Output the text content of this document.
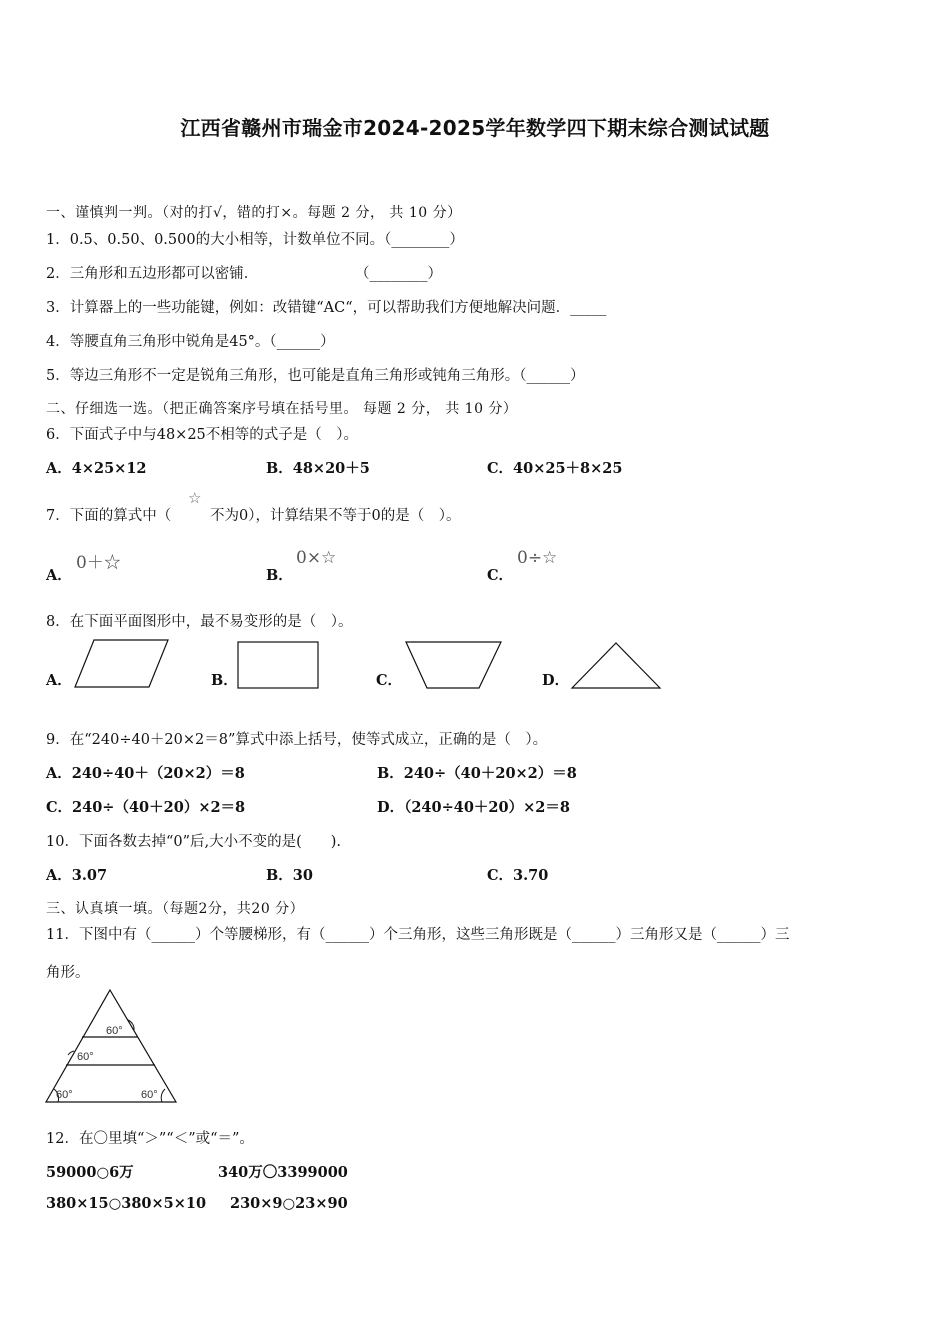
江西省赣州市瑞金市2024-2025学年数学四下期末综合测试试题
一、谨慎判一判。（对的打√，错的打×。每题 2 分， 共 10 分）
1．0.5、0.50、0.500的大小相等，计数单位不同。（________）
2．三角形和五边形都可以密铺．	（________）
3．计算器上的一些功能键，例如：改错键“AC“，可以帮助我们方便地解决问题．_____
4．等腰直角三角形中锐角是45°。（______）
5．等边三角形不一定是锐角三角形，也可能是直角三角形或钝角三角形。（______）
二、仔细选一选。（把正确答案序号填在括号里。 每题 2 分， 共 10 分）
6．下面式子中与48×25不相等的式子是（　）。
A．4×25×12	B．48×20＋5	C．40×25＋8×25
7．下面的算式中（
☆
不为0），计算结果不等于0的是（　）。
A．
0＋☆
B．
0×☆
C．
0÷☆
8．在下面平面图形中，最不易变形的是（　）。
A．	B．	C．	D．
9．在“240÷40＋20×2＝8”算式中添上括号，使等式成立，正确的是（　）。
A．240÷40＋（20×2）＝8	B．240÷（40＋20×2）＝8
C．240÷（40＋20）×2＝8	D．（240÷40＋20）×2＝8
10．下面各数去掉“0”后,大小不变的是(　　).
A．3.07	B．30	C．3.70
三、认真填一填。（每题2分，共20 分）
11．下图中有（______）个等腰梯形，有（______）个三角形，这些三角形既是（______）三角形又是（______）三
角形。
60°
60°
60°	60°
12．在〇里填“＞”“＜”或“＝”。
59000○6万	340万〇3399000
380×15○380×5×10 230×9○23×90
